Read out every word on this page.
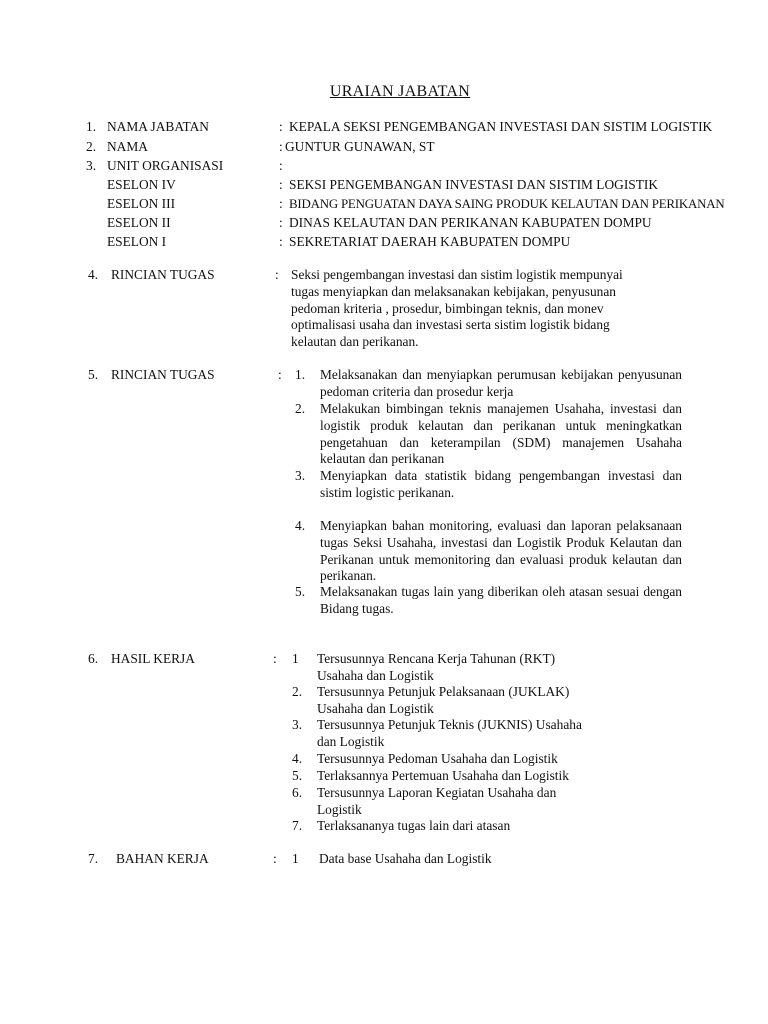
URAIAN JABATAN
1. NAMA JABATAN	: KEPALA SEKSI PENGEMBANGAN INVESTASI DAN SISTIM LOGISTIK
2. NAMA	: GUNTUR GUNAWAN, ST
3. UNIT ORGANISASI	:
ESELON IV	: SEKSI PENGEMBANGAN INVESTASI DAN SISTIM LOGISTIK
ESELON III	: BIDANG PENGUATAN DAYA SAING PRODUK KELAUTAN DAN PERIKANAN
ESELON II	: DINAS KELAUTAN DAN PERIKANAN KABUPATEN DOMPU
ESELON I	: SEKRETARIAT DAERAH KABUPATEN DOMPU
4. RINCIAN TUGAS	: Seksi pengembangan investasi dan sistim logistik mempunyai
tugas menyiapkan dan melaksanakan kebijakan, penyusunan
pedoman kriteria , prosedur, bimbingan teknis, dan monev
optimalisasi usaha dan investasi serta sistim logistik bidang
kelautan dan perikanan.
5. RINCIAN TUGAS	: 1. Melaksanakan dan menyiapkan perumusan kebijakan penyusunan pedoman criteria dan prosedur kerja
2. Melakukan bimbingan teknis manajemen Usahaha, investasi dan logistik produk kelautan dan perikanan untuk meningkatkan pengetahuan dan keterampilan (SDM) manajemen Usahaha kelautan dan perikanan
3. Menyiapkan data statistik bidang pengembangan investasi dan sistim logistic perikanan.
4. Menyiapkan bahan monitoring, evaluasi dan laporan pelaksanaan tugas Seksi Usahaha, investasi dan Logistik Produk Kelautan dan Perikanan untuk memonitoring dan evaluasi produk kelautan dan perikanan.
5. Melaksanakan tugas lain yang diberikan oleh atasan sesuai dengan Bidang tugas.
6. HASIL KERJA	: 1 Tersusunnya Rencana Kerja Tahunan (RKT)
Usahaha dan Logistik
2. Tersusunnya Petunjuk Pelaksanaan (JUKLAK)
Usahaha dan Logistik
3. Tersusunnya Petunjuk Teknis (JUKNIS) Usahaha
dan Logistik
4. Tersusunnya Pedoman Usahaha dan Logistik
5. Terlaksannya Pertemuan Usahaha dan Logistik
6. Tersusunnya Laporan Kegiatan Usahaha dan
Logistik
7. Terlaksananya tugas lain dari atasan
7. BAHAN KERJA	: 1 Data base Usahaha dan Logistik
